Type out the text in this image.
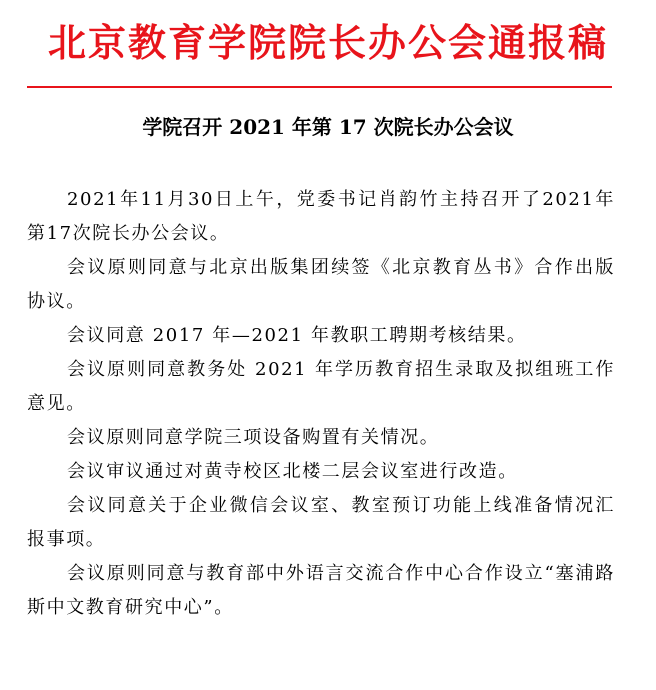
北京教育学院院长办公会通报稿
学院召开 2021 年第 17 次院长办公会议

2021年11月30日上午，党委书记肖韵竹主持召开了2021年第17次院长办公会议。

会议原则同意与北京出版集团续签《北京教育丛书》合作出版协议。

会议同意 2017 年—2021 年教职工聘期考核结果。

会议原则同意教务处 2021 年学历教育招生录取及拟组班工作意见。

会议原则同意学院三项设备购置有关情况。

会议审议通过对黄寺校区北楼二层会议室进行改造。

会议同意关于企业微信会议室、教室预订功能上线准备情况汇报事项。

会议原则同意与教育部中外语言交流合作中心合作设立“塞浦路斯中文教育研究中心”。
